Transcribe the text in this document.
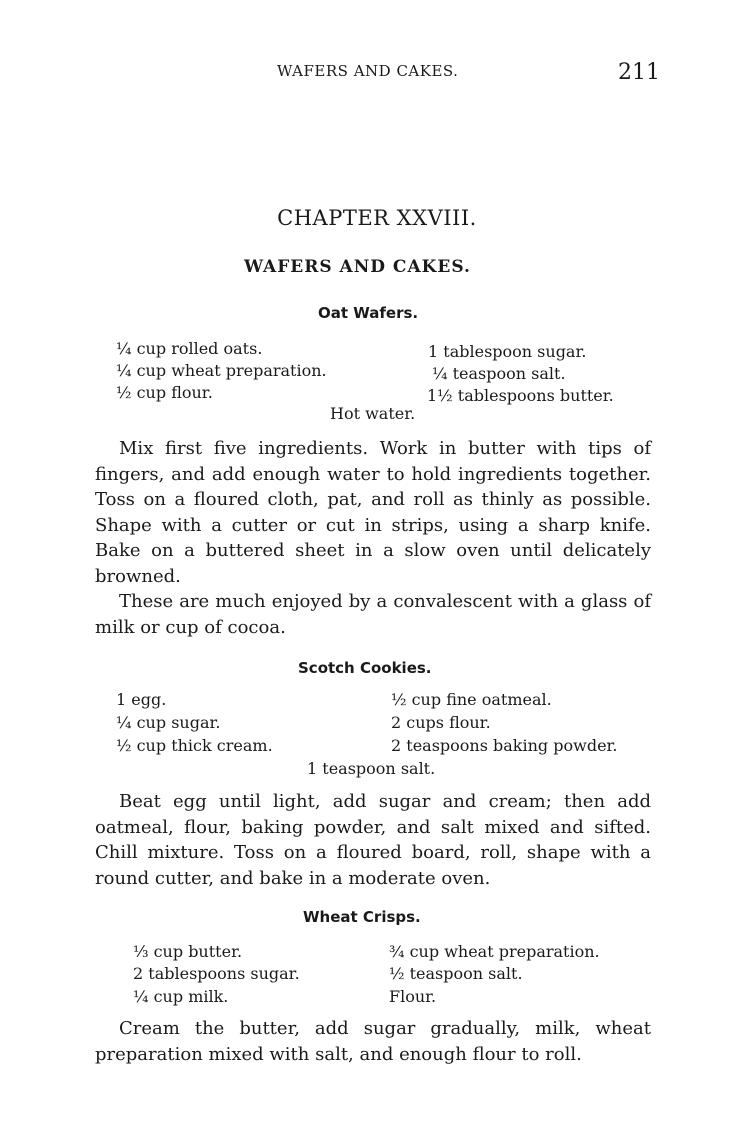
WAFERS AND CAKES.	211
CHAPTER XXVIII.
WAFERS AND CAKES.
Oat Wafers.
¼ cup rolled oats.
¼ cup wheat preparation.
½ cup flour.
1 tablespoon sugar.
¼ teaspoon salt.
1½ tablespoons butter.
Hot water.
Mix first five ingredients. Work in butter with tips of fingers, and add enough water to hold ingredients together. Toss on a floured cloth, pat, and roll as thinly as possible. Shape with a cutter or cut in strips, using a sharp knife. Bake on a buttered sheet in a slow oven until delicately browned.
These are much enjoyed by a convalescent with a glass of milk or cup of cocoa.
Scotch Cookies.
1 egg.
¼ cup sugar.
½ cup thick cream.
½ cup fine oatmeal.
2 cups flour.
2 teaspoons baking powder.
1 teaspoon salt.
Beat egg until light, add sugar and cream; then add oatmeal, flour, baking powder, and salt mixed and sifted. Chill mixture. Toss on a floured board, roll, shape with a round cutter, and bake in a moderate oven.
Wheat Crisps.
⅓ cup butter.
2 tablespoons sugar.
¼ cup milk.
¾ cup wheat preparation.
½ teaspoon salt.
Flour.
Cream the butter, add sugar gradually, milk, wheat preparation mixed with salt, and enough flour to roll.
